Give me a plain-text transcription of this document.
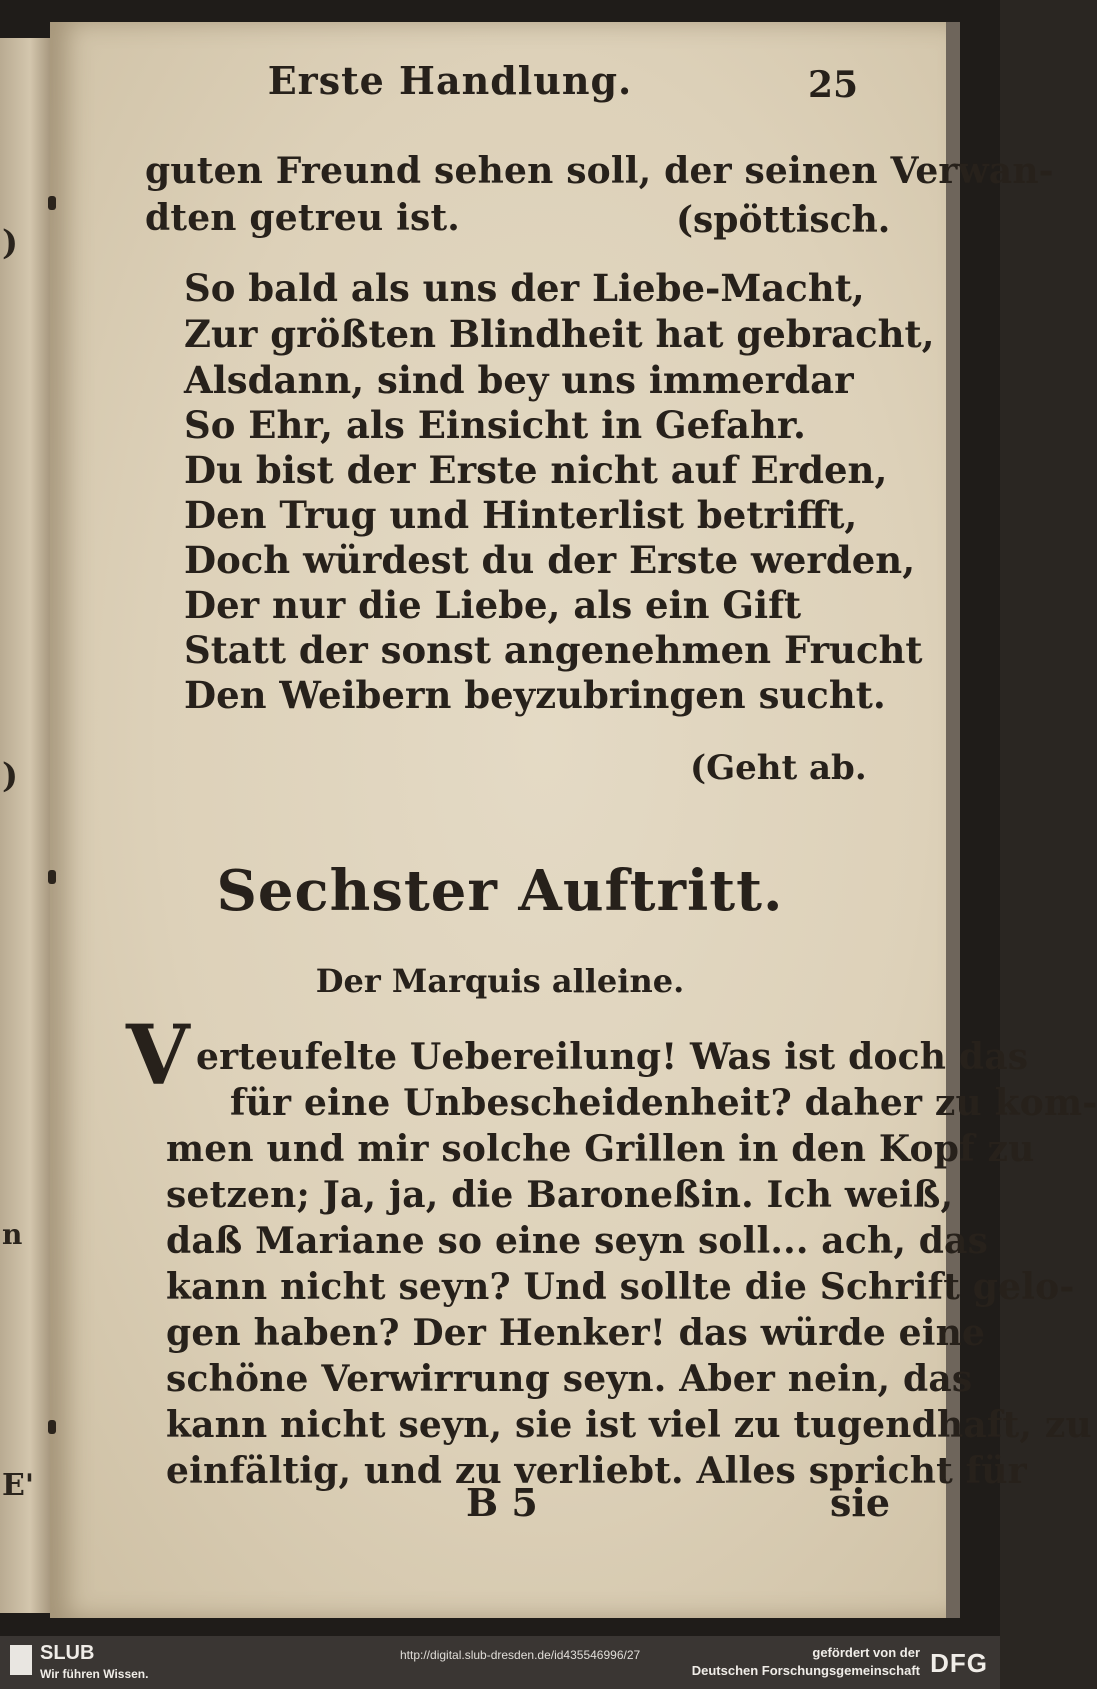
)
)
n
E'
Erste Handlung.	25
guten Freund sehen soll, der seinen Verwan-
dten getreu ist.	(spöttisch.
So bald als uns der Liebe-Macht,
Zur größten Blindheit hat gebracht,
Alsdann, sind bey uns immerdar
So Ehr, als Einsicht in Gefahr.
Du bist der Erste nicht auf Erden,
Den Trug und Hinterlist betrifft,
Doch würdest du der Erste werden,
Der nur die Liebe, als ein Gift
Statt der sonst angenehmen Frucht
Den Weibern beyzubringen sucht.
(Geht ab.
Sechster Auftritt.
Der Marquis alleine.
V erteufelte Uebereilung! Was ist doch das
für eine Unbescheidenheit? daher zu kom-
men und mir solche Grillen in den Kopf zu
setzen; Ja, ja, die Baroneßin. Ich weiß,
daß Mariane so eine seyn soll... ach, das
kann nicht seyn? Und sollte die Schrift gelo-
gen haben? Der Henker! das würde eine
schöne Verwirrung seyn. Aber nein, das
kann nicht seyn, sie ist viel zu tugendhaft, zu
einfältig, und zu verliebt. Alles spricht für
B 5	sie
SLUB
Wir führen Wissen.
http://digital.slub-dresden.de/id435546996/27	gefördert von der
Deutschen Forschungsgemeinschaft DFG
